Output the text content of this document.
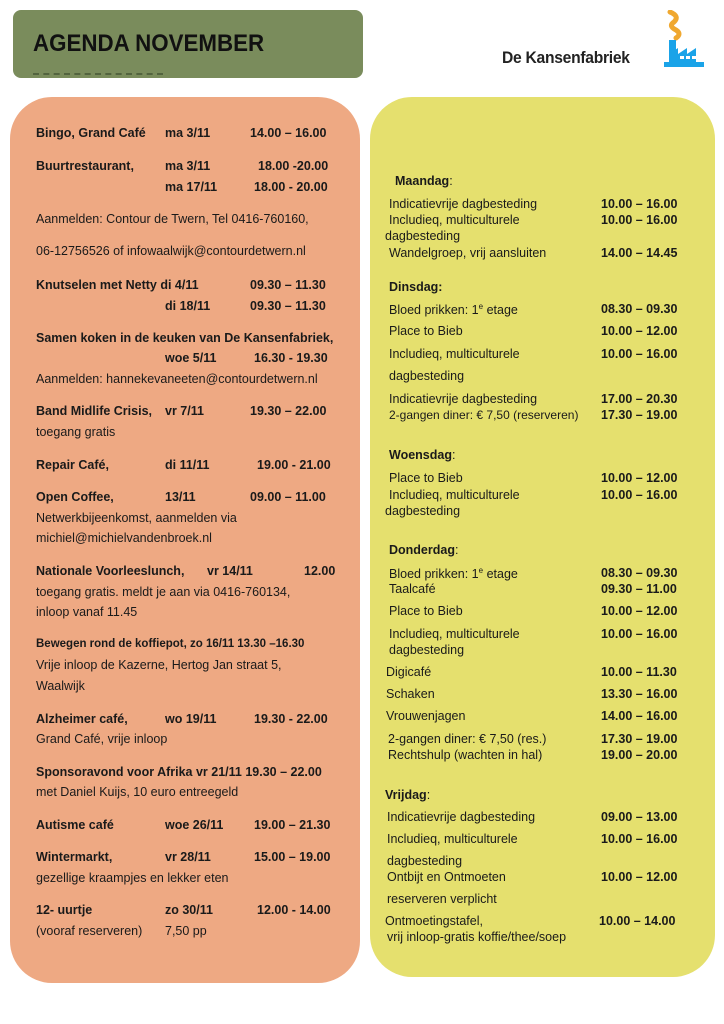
AGENDA NOVEMBER
De Kansenfabriek
Bingo, Grand Café ma 3/11	14.00 – 16.00
Buurtrestaurant, ma 3/11	18.00 -20.00
ma 17/11	18.00 - 20.00
Aanmelden: Contour de Twern, Tel 0416-760160,
06-12756526 of infowaalwijk@contourdetwern.nl
Knutselen met Netty di 4/11	09.30 – 11.30
di 18/11	09.30 – 11.30
Samen koken in de keuken van De Kansenfabriek,
woe 5/11	16.30 - 19.30
Aanmelden: hannekevaneeten@contourdetwern.nl
Band Midlife Crisis, vr 7/11	19.30 – 22.00
toegang gratis
Repair Café,	di 11/11	19.00 - 21.00
Open Coffee,	13/11	09.00 – 11.00
Netwerkbijeenkomst, aanmelden via
michiel@michielvandenbroek.nl
Nationale Voorleeslunch, vr 14/11	12.00
toegang gratis. meldt je aan via 0416-760134,
inloop vanaf 11.45
Bewegen rond de koffiepot, zo 16/11 13.30 –16.30
Vrije inloop de Kazerne, Hertog Jan straat 5,
Waalwijk
Alzheimer café,	wo 19/11	19.30 - 22.00
Grand Café, vrije inloop
Sponsoravond voor Afrika vr 21/11 19.30 – 22.00
met Daniel Kuijs, 10 euro entreegeld
Autisme café	woe 26/11 19.00 – 21.30
Wintermarkt,	vr 28/11	15.00 – 19.00
gezellige kraampjes en lekker eten
12- uurtje	zo 30/11	12.00 - 14.00
(vooraf reserveren) 7,50 pp
Maandag:
Indicatievrije dagbesteding	10.00 – 16.00
Includieq, multiculturele	10.00 – 16.00
dagbesteding
Wandelgroep, vrij aansluiten	14.00 – 14.45
Dinsdag:
Bloed prikken: 1e etage	08.30 – 09.30
Place to Bieb	10.00 – 12.00
Includieq, multiculturele	10.00 – 16.00
dagbesteding
Indicatievrije dagbesteding	17.00 – 20.30
2-gangen diner: € 7,50 (reserveren) 17.30 – 19.00
Woensdag:
Place to Bieb	10.00 – 12.00
Includieq, multiculturele	10.00 – 16.00
dagbesteding
Donderdag:
Bloed prikken: 1e etage	08.30 – 09.30
Taalcafé	09.30 – 11.00
Place to Bieb	10.00 – 12.00
Includieq, multiculturele	10.00 – 16.00
dagbesteding
Digicafé	10.00 – 11.30
Schaken	13.30 – 16.00
Vrouwenjagen	14.00 – 16.00
2-gangen diner: € 7,50 (res.)	17.30 – 19.00
Rechtshulp (wachten in hal)	19.00 – 20.00
Vrijdag:
Indicatievrije dagbesteding	09.00 – 13.00
Includieq, multiculturele	10.00 – 16.00
dagbesteding
Ontbijt en Ontmoeten	10.00 – 12.00
reserveren verplicht
Ontmoetingstafel,	10.00 – 14.00
vrij inloop-gratis koffie/thee/soep
